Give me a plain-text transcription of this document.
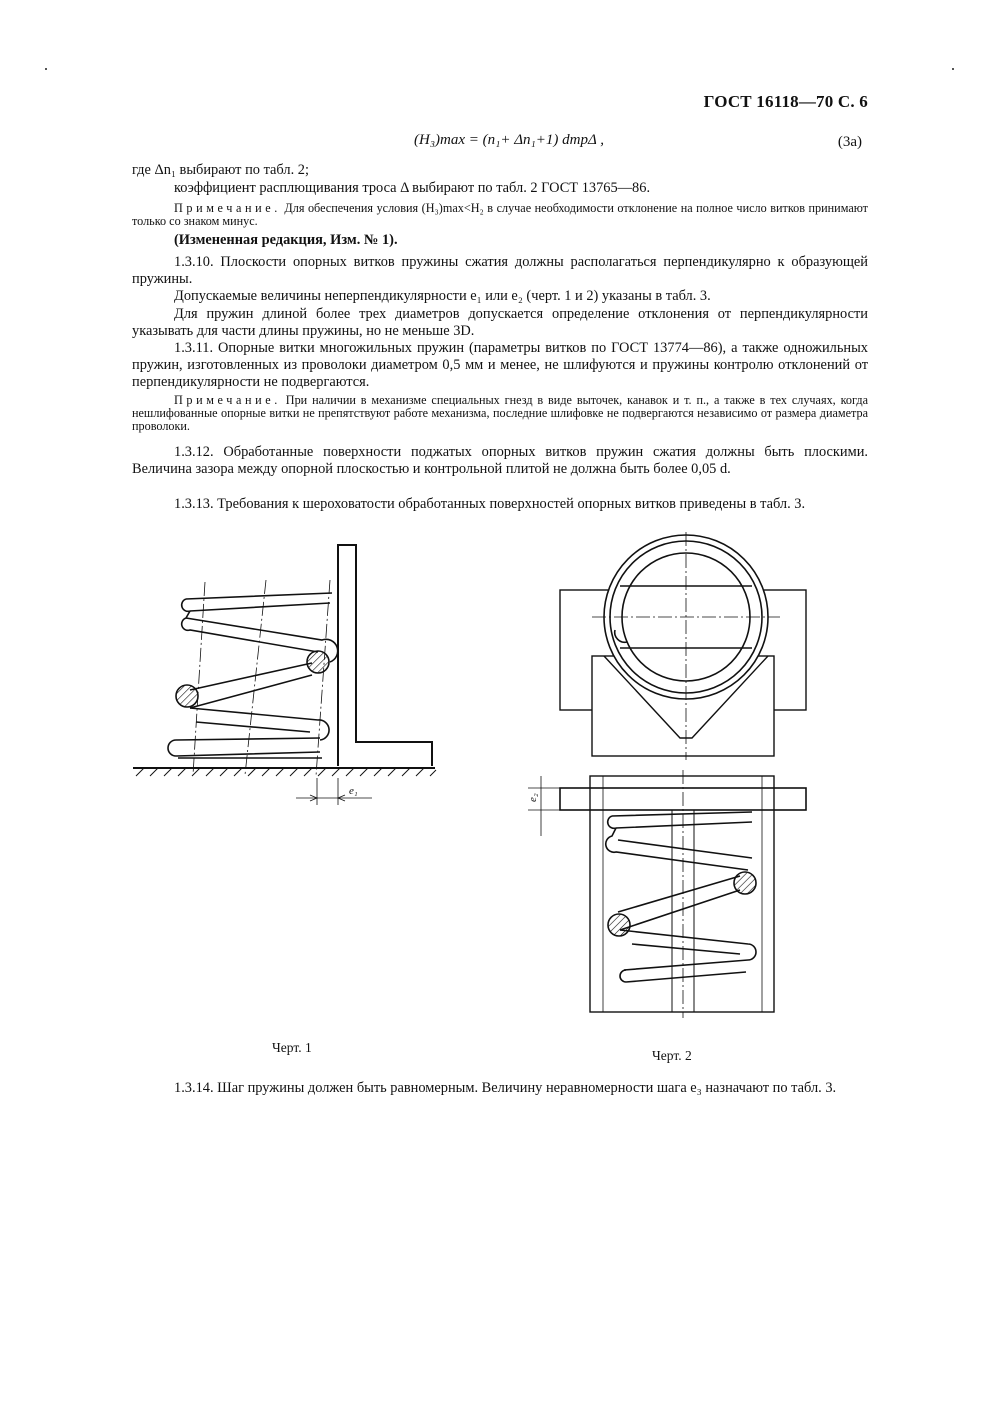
ГОСТ 16118—70 С. 6
(H₃)max = (n₁+ Δn₁+1) dтрΔ ,	(3а)
где Δn₁ выбирают по табл. 2;
коэффициент расплющивания троса Δ выбирают по табл. 2 ГОСТ 13765—86.
Примечание. Для обеспечения условия (H₃)max<H₂ в случае необходимости отклонение на полное число витков принимают только со знаком минус.
(Измененная редакция, Изм. № 1).
1.3.10. Плоскости опорных витков пружины сжатия должны располагаться перпендикулярно к образующей пружины.
Допускаемые величины неперпендикулярности e₁ или e₂ (черт. 1 и 2) указаны в табл. 3.
Для пружин длиной более трех диаметров допускается определение отклонения от перпендикулярности указывать для части длины пружины, но не меньше 3D.
1.3.11. Опорные витки многожильных пружин (параметры витков по ГОСТ 13774—86), а также одножильных пружин, изготовленных из проволоки диаметром 0,5 мм и менее, не шлифуются и пружины контролю отклонений от перпендикулярности не подвергаются.
Примечание. При наличии в механизме специальных гнезд в виде выточек, канавок и т. п., а также в тех случаях, когда нешлифованные опорные витки не препятствуют работе механизма, последние шлифовке не подвергаются независимо от размера диаметра проволоки.
1.3.12. Обработанные поверхности поджатых опорных витков пружин сжатия должны быть плоскими. Величина зазора между опорной плоскостью и контрольной плитой не должна быть более 0,05 d.
1.3.13. Требования к шероховатости обработанных поверхностей опорных витков приведены в табл. 3.
e₁
e₂
Черт. 1
Черт. 2
1.3.14. Шаг пружины должен быть равномерным. Величину неравномерности шага e₃ назначают по табл. 3.
